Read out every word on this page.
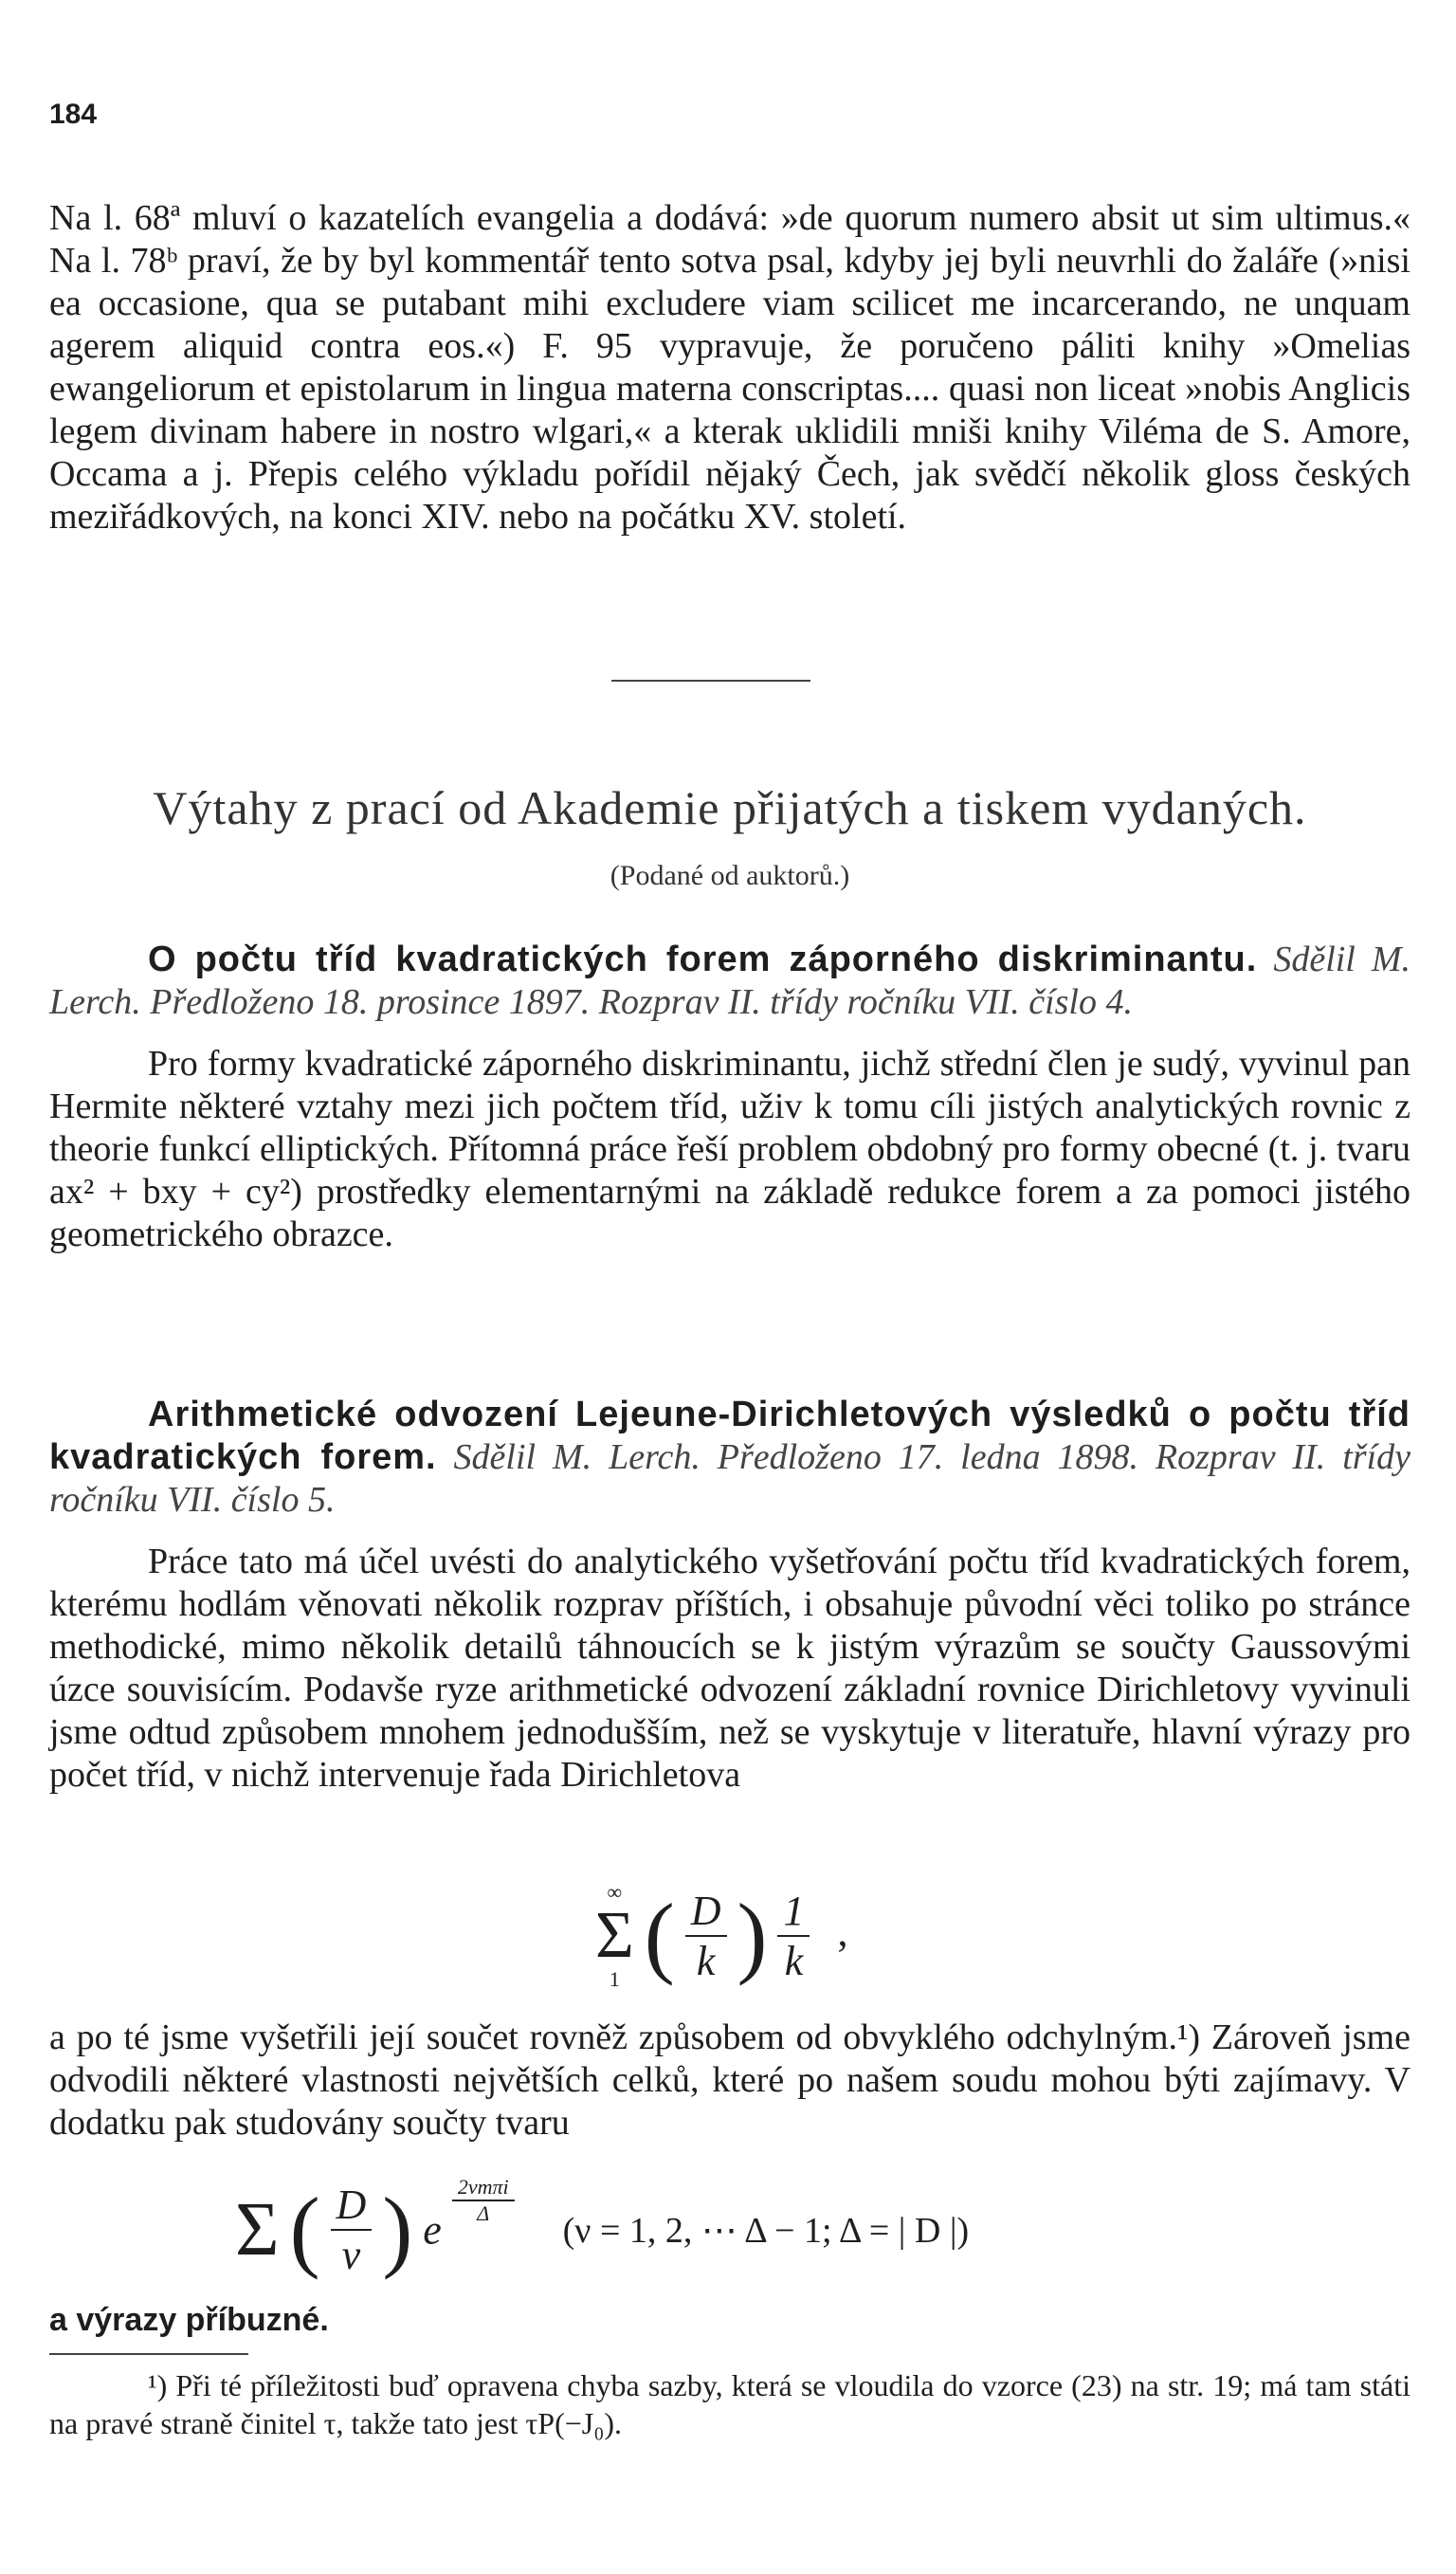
184

Na l. 68ª mluví o kazatelích evangelia a dodává: »de quorum numero absit ut sim ultimus.« Na l. 78ᵇ praví, že by byl kommentář tento sotva psal, kdyby jej byli neuvrhli do žaláře (»nisi ea occasione, qua se putabant mihi excludere viam scilicet me incarcerando, ne unquam agerem aliquid contra eos.«) F. 95 vypravuje, že poručeno páliti knihy »Omelias ewangeliorum et epistolarum in lingua materna conscriptas.... quasi non liceat »nobis Anglicis legem divinam habere in nostro wlgari,« a kterak uklidili mniši knihy Viléma de S. Amore, Occama a j. Přepis celého výkladu pořídil nějaký Čech, jak svědčí několik gloss českých meziřádkových, na konci XIV. nebo na počátku XV. století.

Výtahy z prací od Akademie přijatých a tiskem vydaných.
(Podané od auktorů.)

O počtu tříd kvadratických forem záporného diskriminantu. Sdělil M. Lerch. Předloženo 18. prosince 1897. Rozprav II. třídy ročníku VII. číslo 4.

Pro formy kvadratické záporného diskriminantu, jichž střední člen je sudý, vyvinul pan Hermite některé vztahy mezi jich počtem tříd, uživ k tomu cíli jistých analytických rovnic z theorie funkcí elliptických. Přítomná práce řeší problem obdobný pro formy obecné (t. j. tvaru ax² + bxy + cy²) prostředky elementarnými na základě redukce forem a za pomoci jistého geometrického obrazce.

Arithmetické odvození Lejeune-Dirichletových výsledků o počtu tříd kvadratických forem. Sdělil M. Lerch. Předloženo 17. ledna 1898. Rozprav II. třídy ročníku VII. číslo 5.

Práce tato má účel uvésti do analytického vyšetřování počtu tříd kvadratických forem, kterému hodlám věnovati několik rozprav příštích, i obsahuje původní věci toliko po stránce methodické, mimo několik detailů táhnoucích se k jistým výrazům se součty Gaussovými úzce souvisícím. Podavše ryze arithmetické odvození základní rovnice Dirichletovy vyvinuli jsme odtud způsobem mnohem jednodušším, než se vyskytuje v literatuře, hlavní výrazy pro počet tříd, v nichž intervenuje řada Dirichletova

∞
Σ
1 ( $\frac{D}{k}$ ) $\frac{1}{k}$ ,

a po té jsme vyšetřili její součet rovněž způsobem od obvyklého odchylným.¹) Zároveň jsme odvodili některé vlastnosti největších celků, které po našem soudu mohou býti zajímavy. V dodatku pak studovány součty tvaru

Σ ( $\frac{D}{\nu}$ ) e
$\frac{\text{2νmπi}}{\Delta}$
(ν = 1, 2, ⋯ Δ − 1; Δ = | D |)

a výrazy příbuzné.

¹) Při té příležitosti buď opravena chyba sazby, která se vloudila do vzorce (23) na str. 19; má tam státi na pravé straně činitel τ, takže tato jest τP(−J₀).
